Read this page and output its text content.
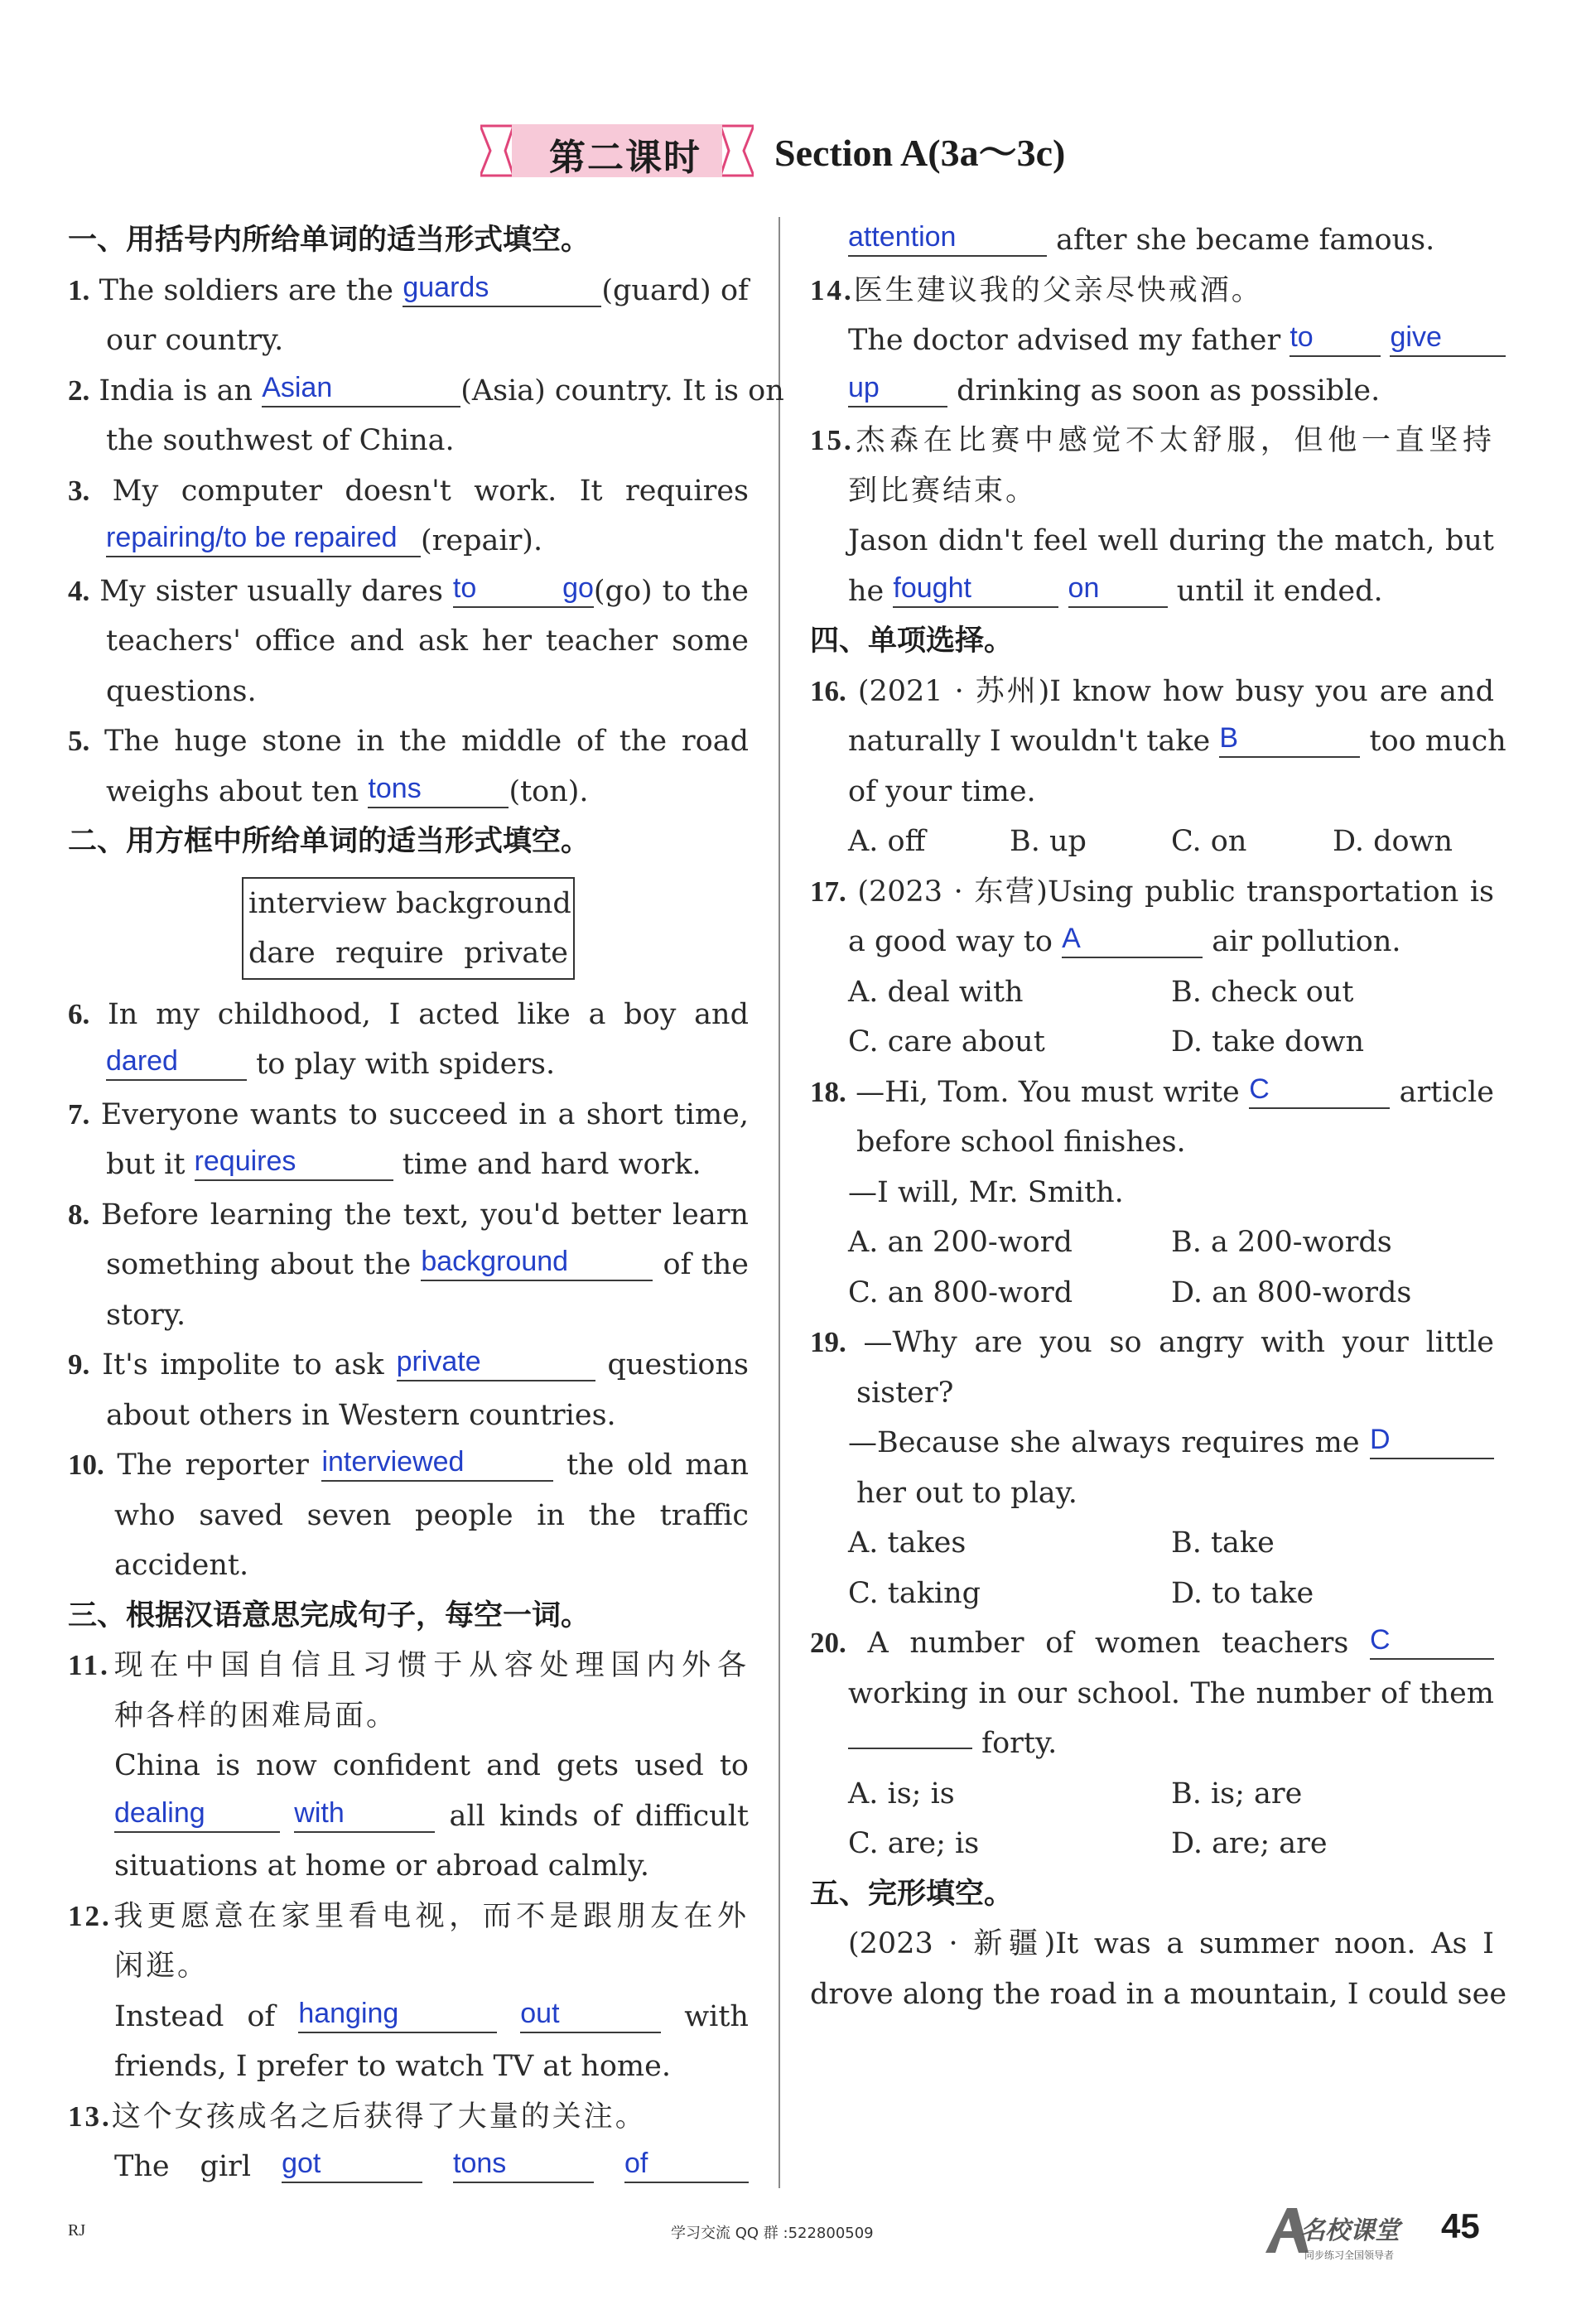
第二课时	Section A(3a～3c)
一、用括号内所给单词的适当形式填空。
1. The soldiers are the guards	(guard) of
our country.
2. India is an Asian	(Asia) country. It is on
the southwest of China.
3. My computer doesn't work. It requires
repairing/to be repaired (repair).
4. My sister usually dares to go(go) to the
teachers' office and ask her teacher some
questions.
5. The huge stone in the middle of the road
weighs about ten tons	(ton).
二、用方框中所给单词的适当形式填空。
interview background
dare require private
6. In my childhood, I acted like a boy and
dared	to play with spiders.
7. Everyone wants to succeed in a short time,
but it requires	time and hard work.
8. Before learning the text, you'd better learn
something about the background	of the
story.
9. It's impolite to ask private	questions
about others in Western countries.
10. The reporter interviewed	the old man
who saved seven people in the traffic
accident.
三、根据汉语意思完成句子，每空一词。
11.现在中国自信且习惯于从容处理国内外各
种各样的困难局面。
China is now confident and gets used to
dealing	with	all kinds of difficult
situations at home or abroad calmly.
12.我更愿意在家里看电视，而不是跟朋友在外
闲逛。
Instead of hanging	out	with
friends, I prefer to watch TV at home.
13.这个女孩成名之后获得了大量的关注。
The girl got	tons	of
attention	after she became famous.
14.医生建议我的父亲尽快戒酒。
The doctor advised my father to	give
up	drinking as soon as possible.
15.杰森在比赛中感觉不太舒服，但他一直坚持
到比赛结束。
Jason didn't feel well during the match, but
he fought	on	until it ended.
四、单项选择。
16. (2021 · 苏州)I know how busy you are and
naturally I wouldn't take B	too much
of your time.
A. off	B. up	C. on	D. down
17. (2023 · 东营)Using public transportation is
a good way to A	air pollution.
A. deal with	B. check out
C. care about	D. take down
18. —Hi, Tom. You must write C	article
before school finishes.
—I will, Mr. Smith.
A. an 200-word	B. a 200-words
C. an 800-word	D. an 800-words
19. —Why are you so angry with your little
sister?
—Because she always requires me D
her out to play.
A. takes	B. take
C. taking	D. to take
20. A number of women teachers C
working in our school. The number of them
forty.
A. is; is	B. is; are
C. are; is	D. are; are
五、完形填空。
(2023 · 新疆)It was a summer noon. As I
drove along the road in a mountain, I could see
RJ	学习交流 QQ 群 :522800509	名校课堂
同步练习全国领导者
45
